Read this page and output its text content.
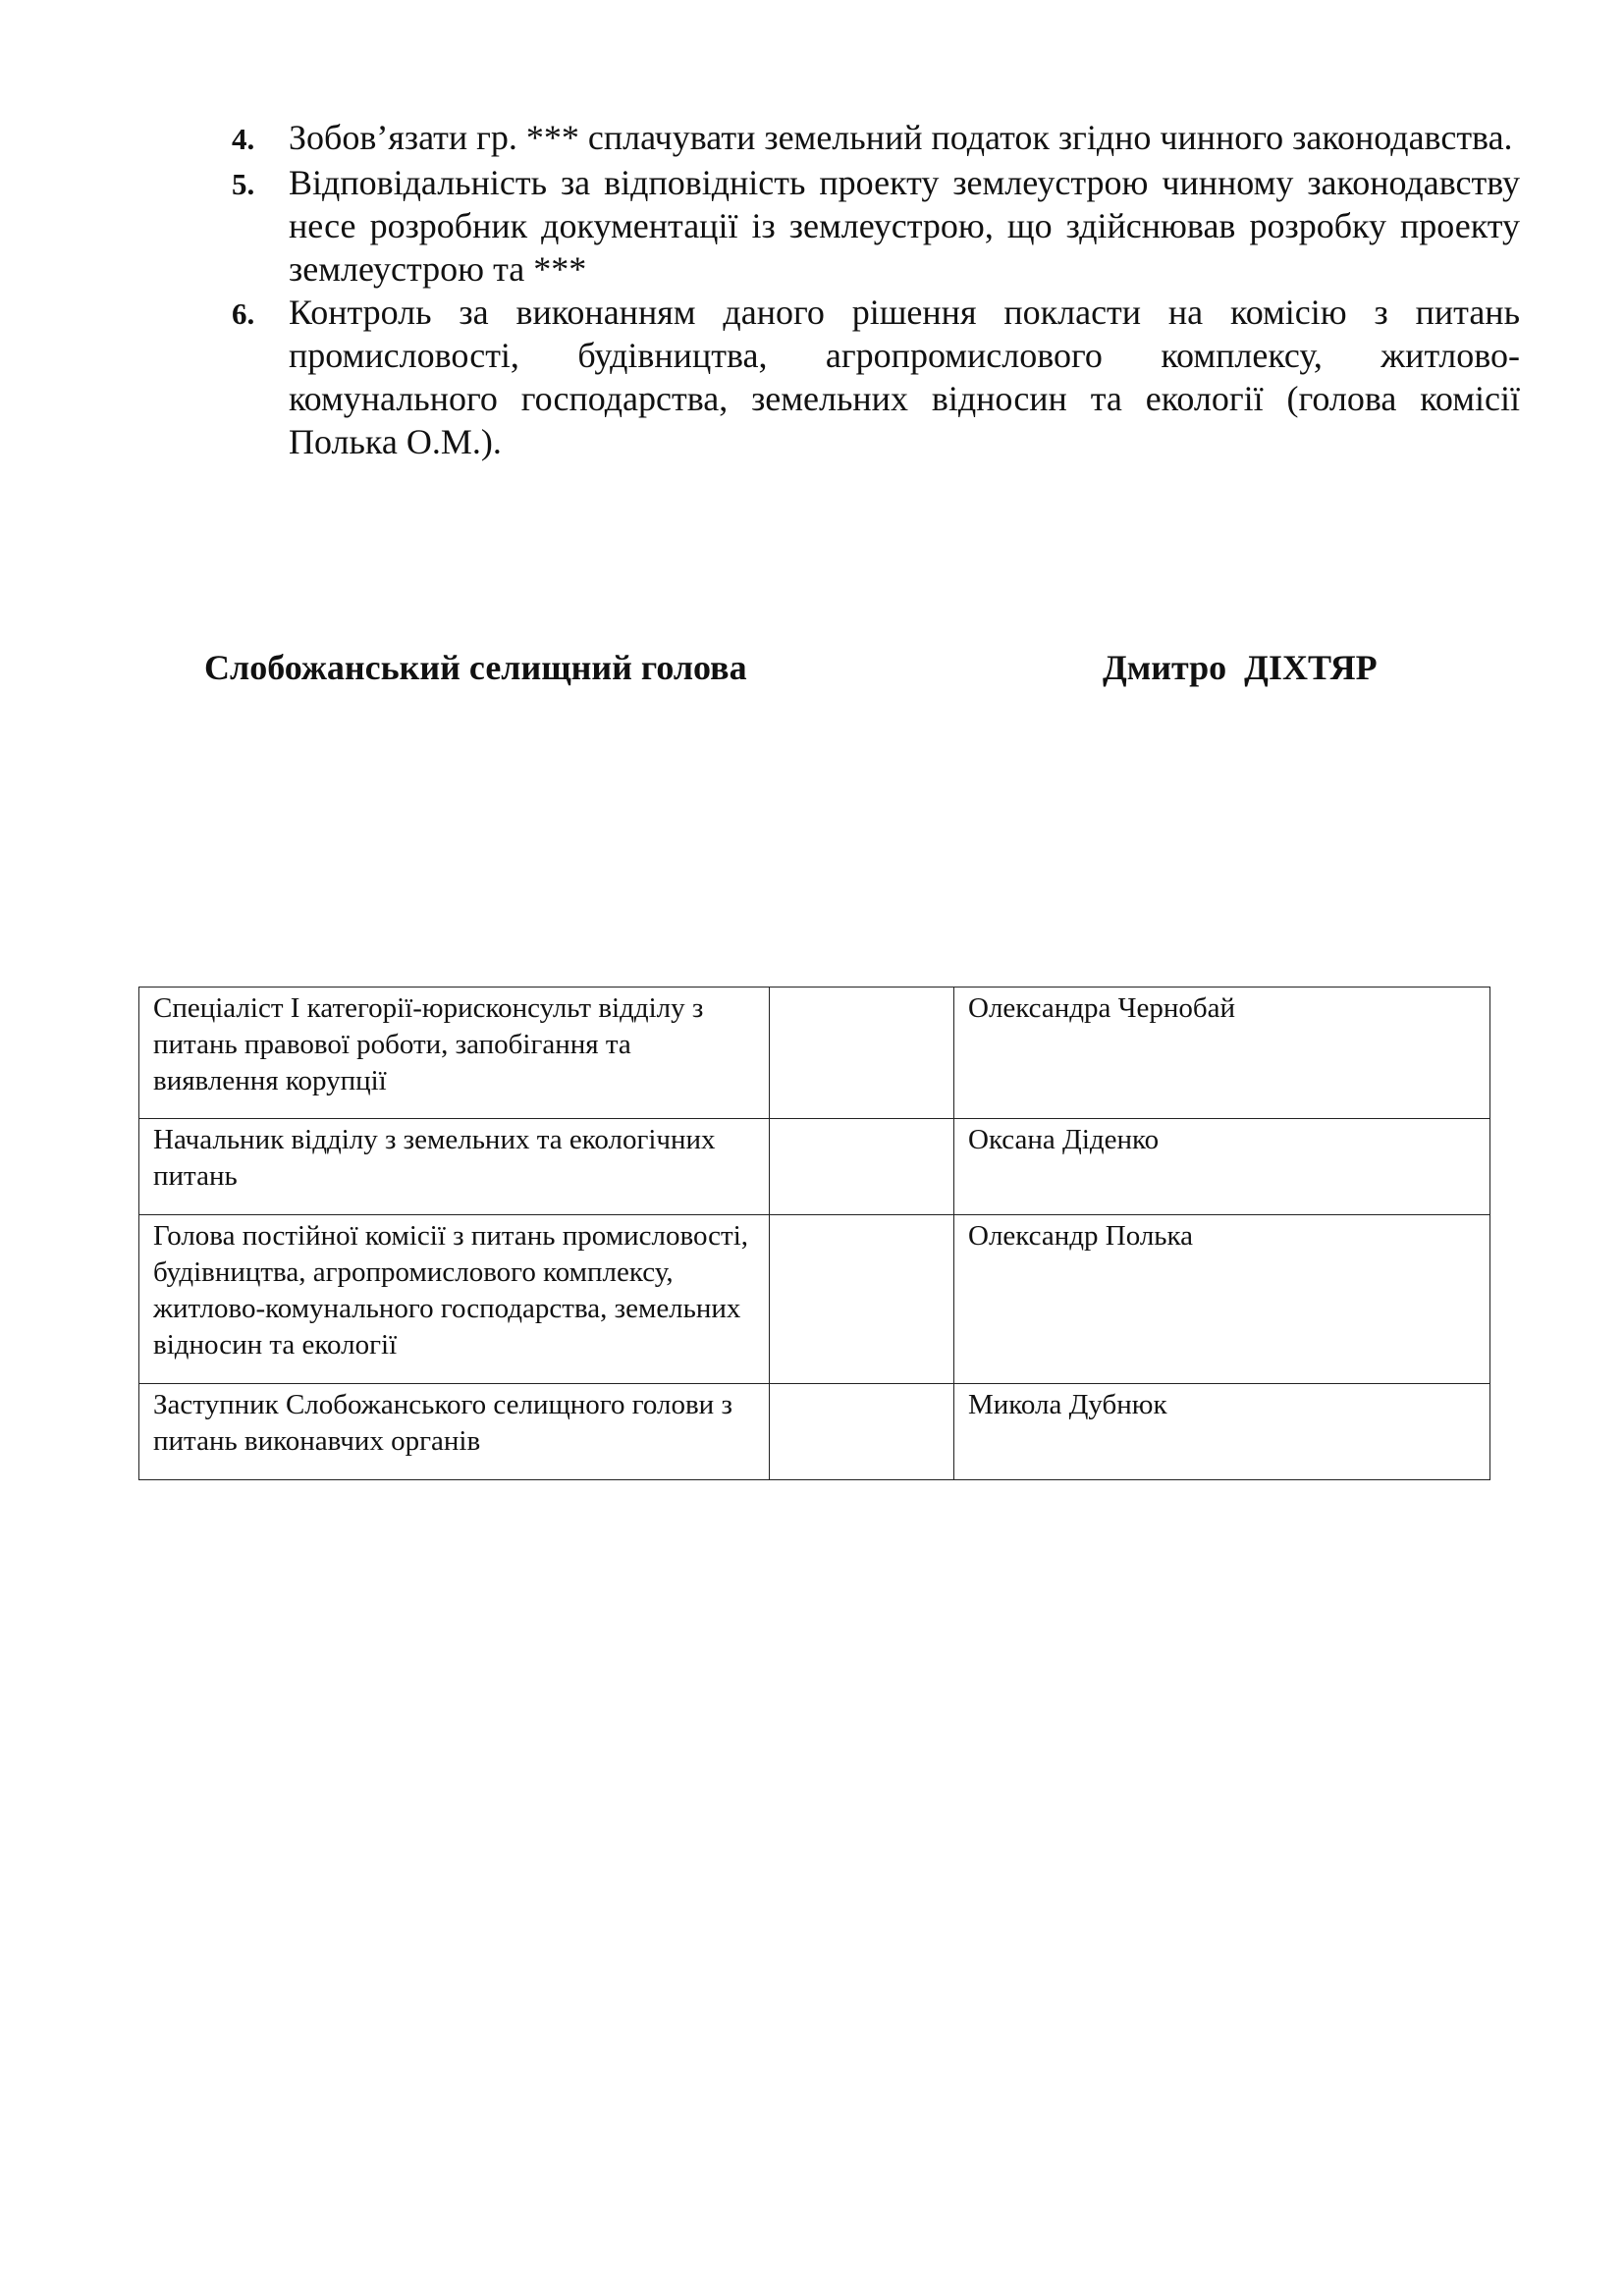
4. Зобов’язати гр. *** сплачувати земельний податок згідно чинного законодавства.
5. Відповідальність за відповідність проекту землеустрою чинному законодавству несе розробник документації із землеустрою, що здійснював розробку проекту землеустрою та ***
6. Контроль за виконанням даного рішення покласти на комісію з питань промисловості, будівництва, агропромислового комплексу, житлово-комунального господарства, земельних відносин та екології (голова комісії Полька О.М.).
Слобожанський селищний голова	Дмитро  ДІХТЯР
Спеціаліст І категорії-юрисконсульт відділу з питань правової роботи, запобігання та виявлення корупції		Олександра Чернобай
Начальник відділу з земельних та екологічних питань		Оксана Діденко
Голова постійної комісії з питань промисловості, будівництва, агропромислового комплексу, житлово-комунального господарства, земельних відносин та екології		Олександр Полька
Заступник Слобожанського селищного голови з питань виконавчих органів		Микола Дубнюк
